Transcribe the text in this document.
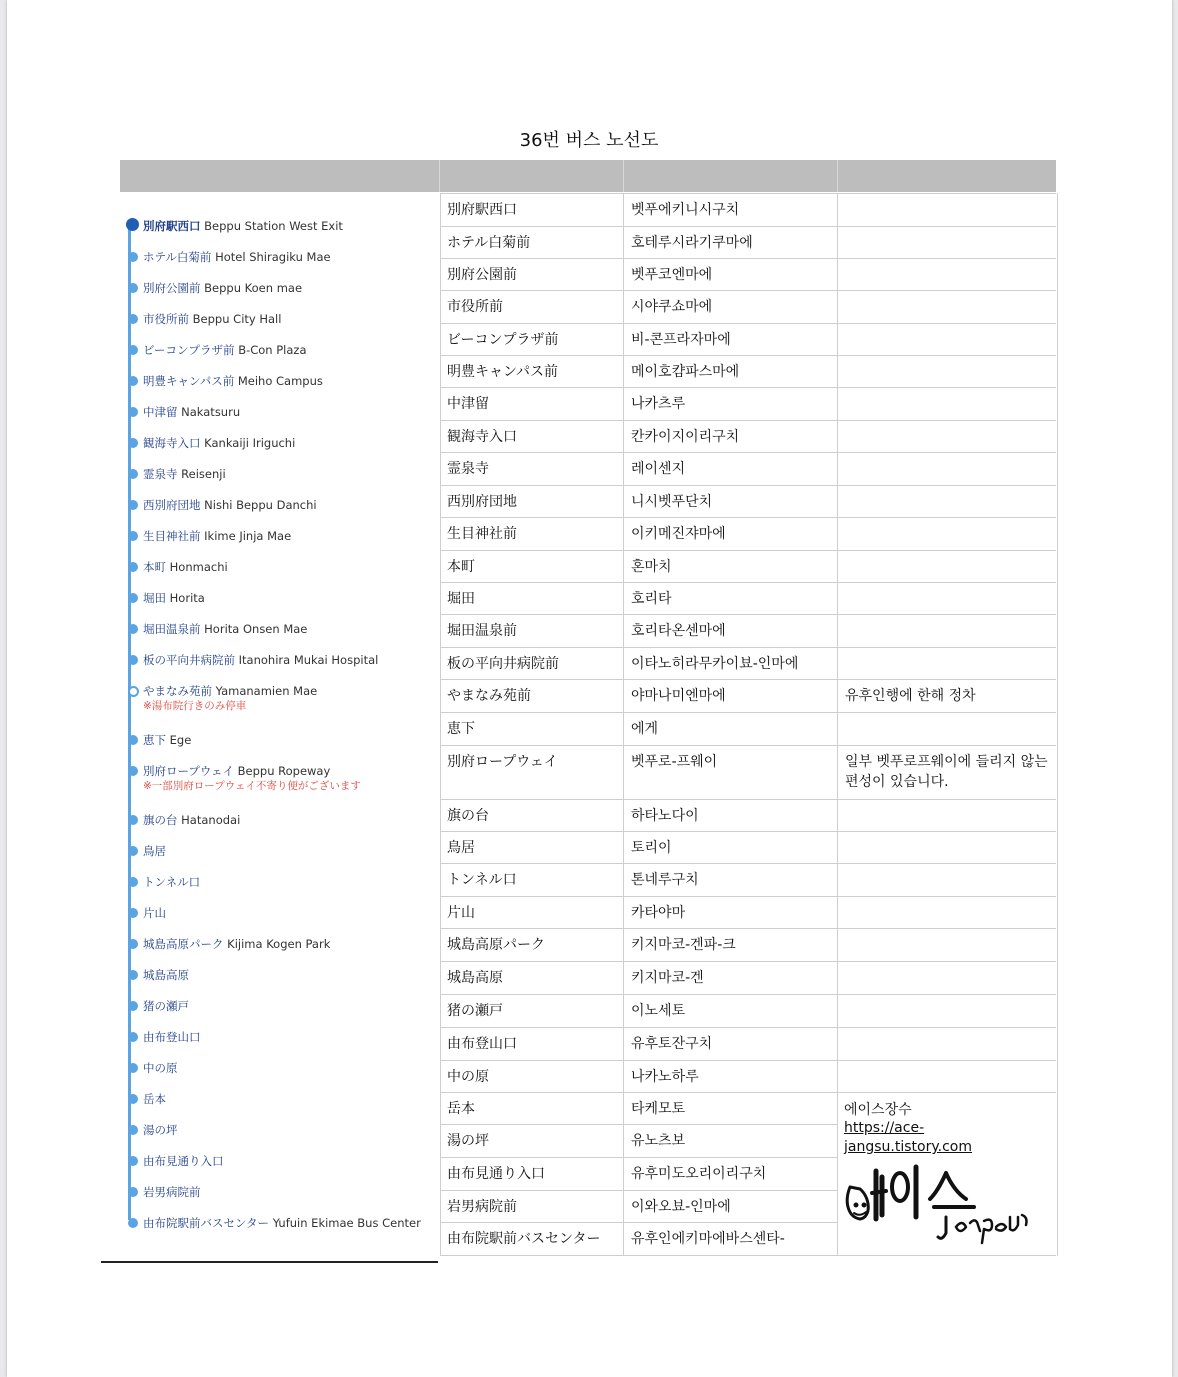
36번 버스 노선도
別府駅西口 Beppu Station West Exit
ホテル白菊前 Hotel Shiragiku Mae
別府公園前 Beppu Koen mae
市役所前 Beppu City Hall
ビーコンプラザ前 B-Con Plaza
明豊キャンパス前 Meiho Campus
中津留 Nakatsuru
観海寺入口 Kankaiji Iriguchi
霊泉寺 Reisenji
西別府団地 Nishi Beppu Danchi
生目神社前 Ikime Jinja Mae
本町 Honmachi
堀田 Horita
堀田温泉前 Horita Onsen Mae
板の平向井病院前 Itanohira Mukai Hospital
やまなみ苑前 Yamanamien Mae
※湯布院行きのみ停車
恵下 Ege
別府ロープウェイ Beppu Ropeway
※一部別府ロープウェイ不寄り便がございます
旗の台 Hatanodai
鳥居
トンネル口
片山
城島高原パーク Kijima Kogen Park
城島高原
猪の瀬戸
由布登山口
中の原
岳本
湯の坪
由布見通り入口
岩男病院前
由布院駅前バスセンター Yufuin Ekimae Bus Center
別府駅西口	벳푸에키니시구치
ホテル白菊前	호테루시라기쿠마에
別府公園前	벳푸코엔마에
市役所前	시야쿠쇼마에
ビーコンプラザ前	비-콘프라자마에
明豊キャンパス前	메이호캼파스마에
中津留	나카츠루
観海寺入口	칸카이지이리구치
霊泉寺	레이센지
西別府団地	니시벳푸단치
生目神社前	이키메진쟈마에
本町	혼마치
堀田	호리타
堀田温泉前	호리타온센마에
板の平向井病院前	이타노히라무카이뵤-인마에
やまなみ苑前	야마나미엔마에	유후인행에 한해 정차
恵下	에게
別府ロープウェイ	벳푸로-프웨이	일부 벳푸로프웨이에 들리지 않는 편성이 있습니다.
旗の台	하타노다이
鳥居	토리이
トンネル口	톤네루구치
片山	카타야마
城島高原パーク	키지마코-겐파-크
城島高原	키지마코-겐
猪の瀬戸	이노세토
由布登山口	유후토잔구치
中の原	나카노하루
岳本	타케모토
湯の坪	유노츠보
由布見通り入口	유후미도오리이리구치
岩男病院前	이와오뵤-인마에
由布院駅前バスセンター	유후인에키마에바스센타-
에이스장수
https://ace-jangsu.tistory.com
